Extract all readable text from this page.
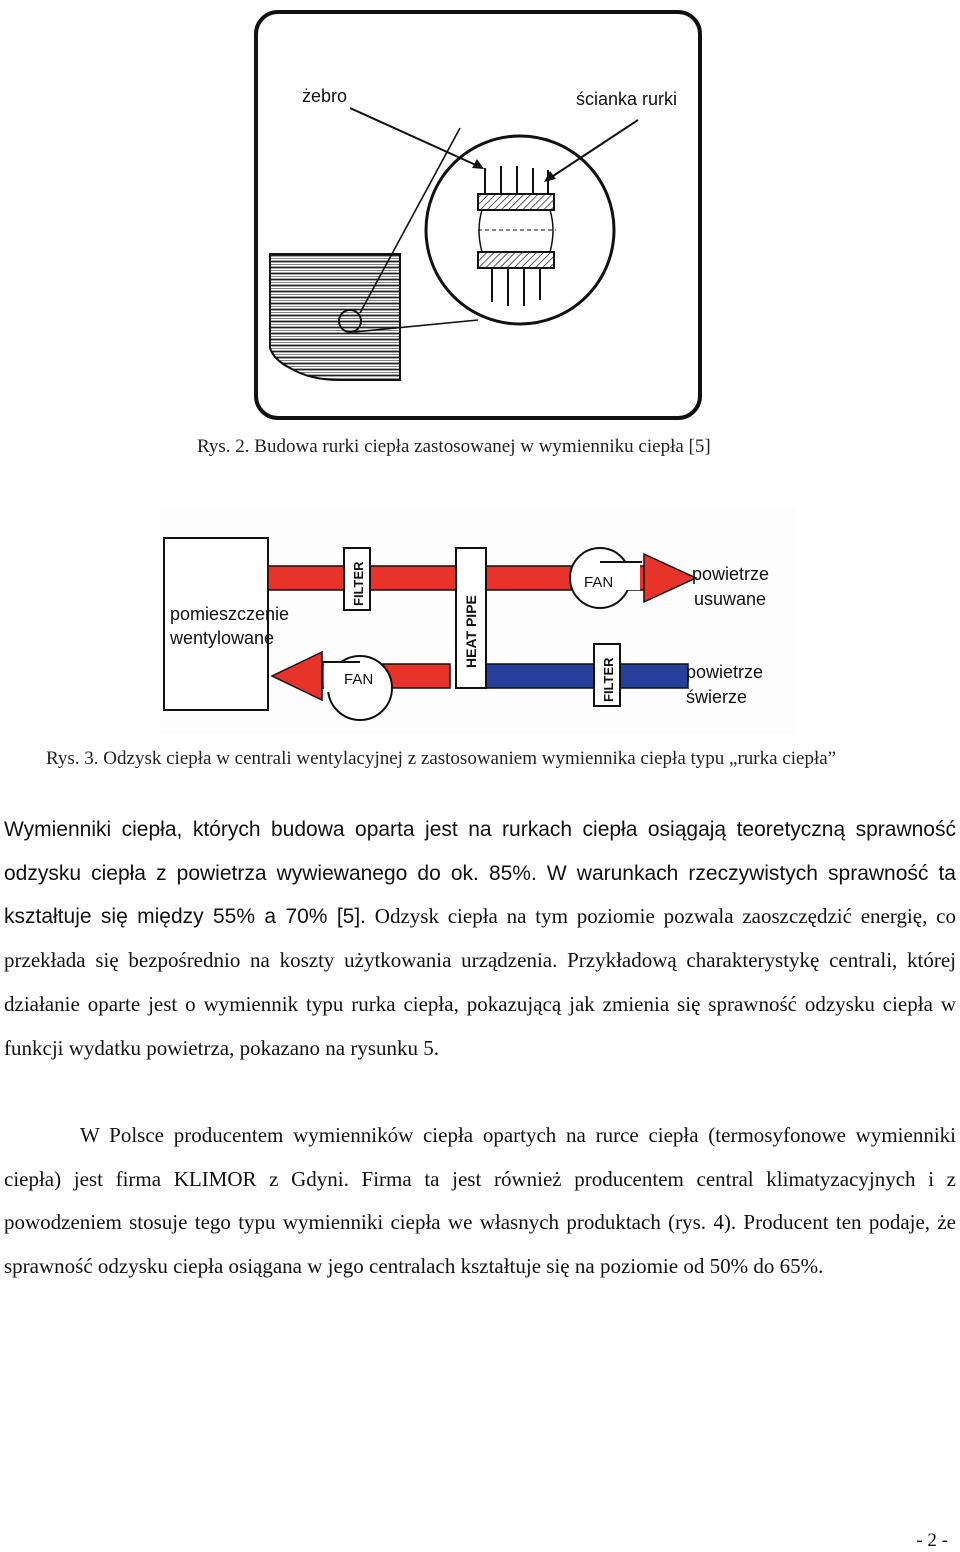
żebro	ścianka rurki
Rys. 2. Budowa rurki ciepła zastosowanej w wymienniku ciepła [5]
pomieszczenie
wentylowane
FILTER
HEAT PIPE
FAN
FAN	FILTER
powietrze
usuwane
powietrze
świerze
Rys. 3. Odzysk ciepła w centrali wentylacyjnej z zastosowaniem wymiennika ciepła typu „rurka ciepła”
Wymienniki ciepła, których budowa oparta jest na rurkach ciepła osiągają teoretyczną sprawność odzysku ciepła z powietrza wywiewanego do ok. 85%. W warunkach rzeczywistych sprawność ta kształtuje się między 55% a 70% [5]. Odzysk ciepła na tym poziomie pozwala zaoszczędzić energię, co przekłada się bezpośrednio na koszty użytkowania urządzenia. Przykładową charakterystykę centrali, której działanie oparte jest o wymiennik typu rurka ciepła, pokazującą jak zmienia się sprawność odzysku ciepła w funkcji wydatku powietrza, pokazano na rysunku 5.
W Polsce producentem wymienników ciepła opartych na rurce ciepła (termosyfonowe wymienniki ciepła) jest firma KLIMOR z Gdyni. Firma ta jest również producentem central klimatyzacyjnych i z powodzeniem stosuje tego typu wymienniki ciepła we własnych produktach (rys. 4). Producent ten podaje, że sprawność odzysku ciepła osiągana w jego centralach kształtuje się na poziomie od 50% do 65%.
- 2 -
